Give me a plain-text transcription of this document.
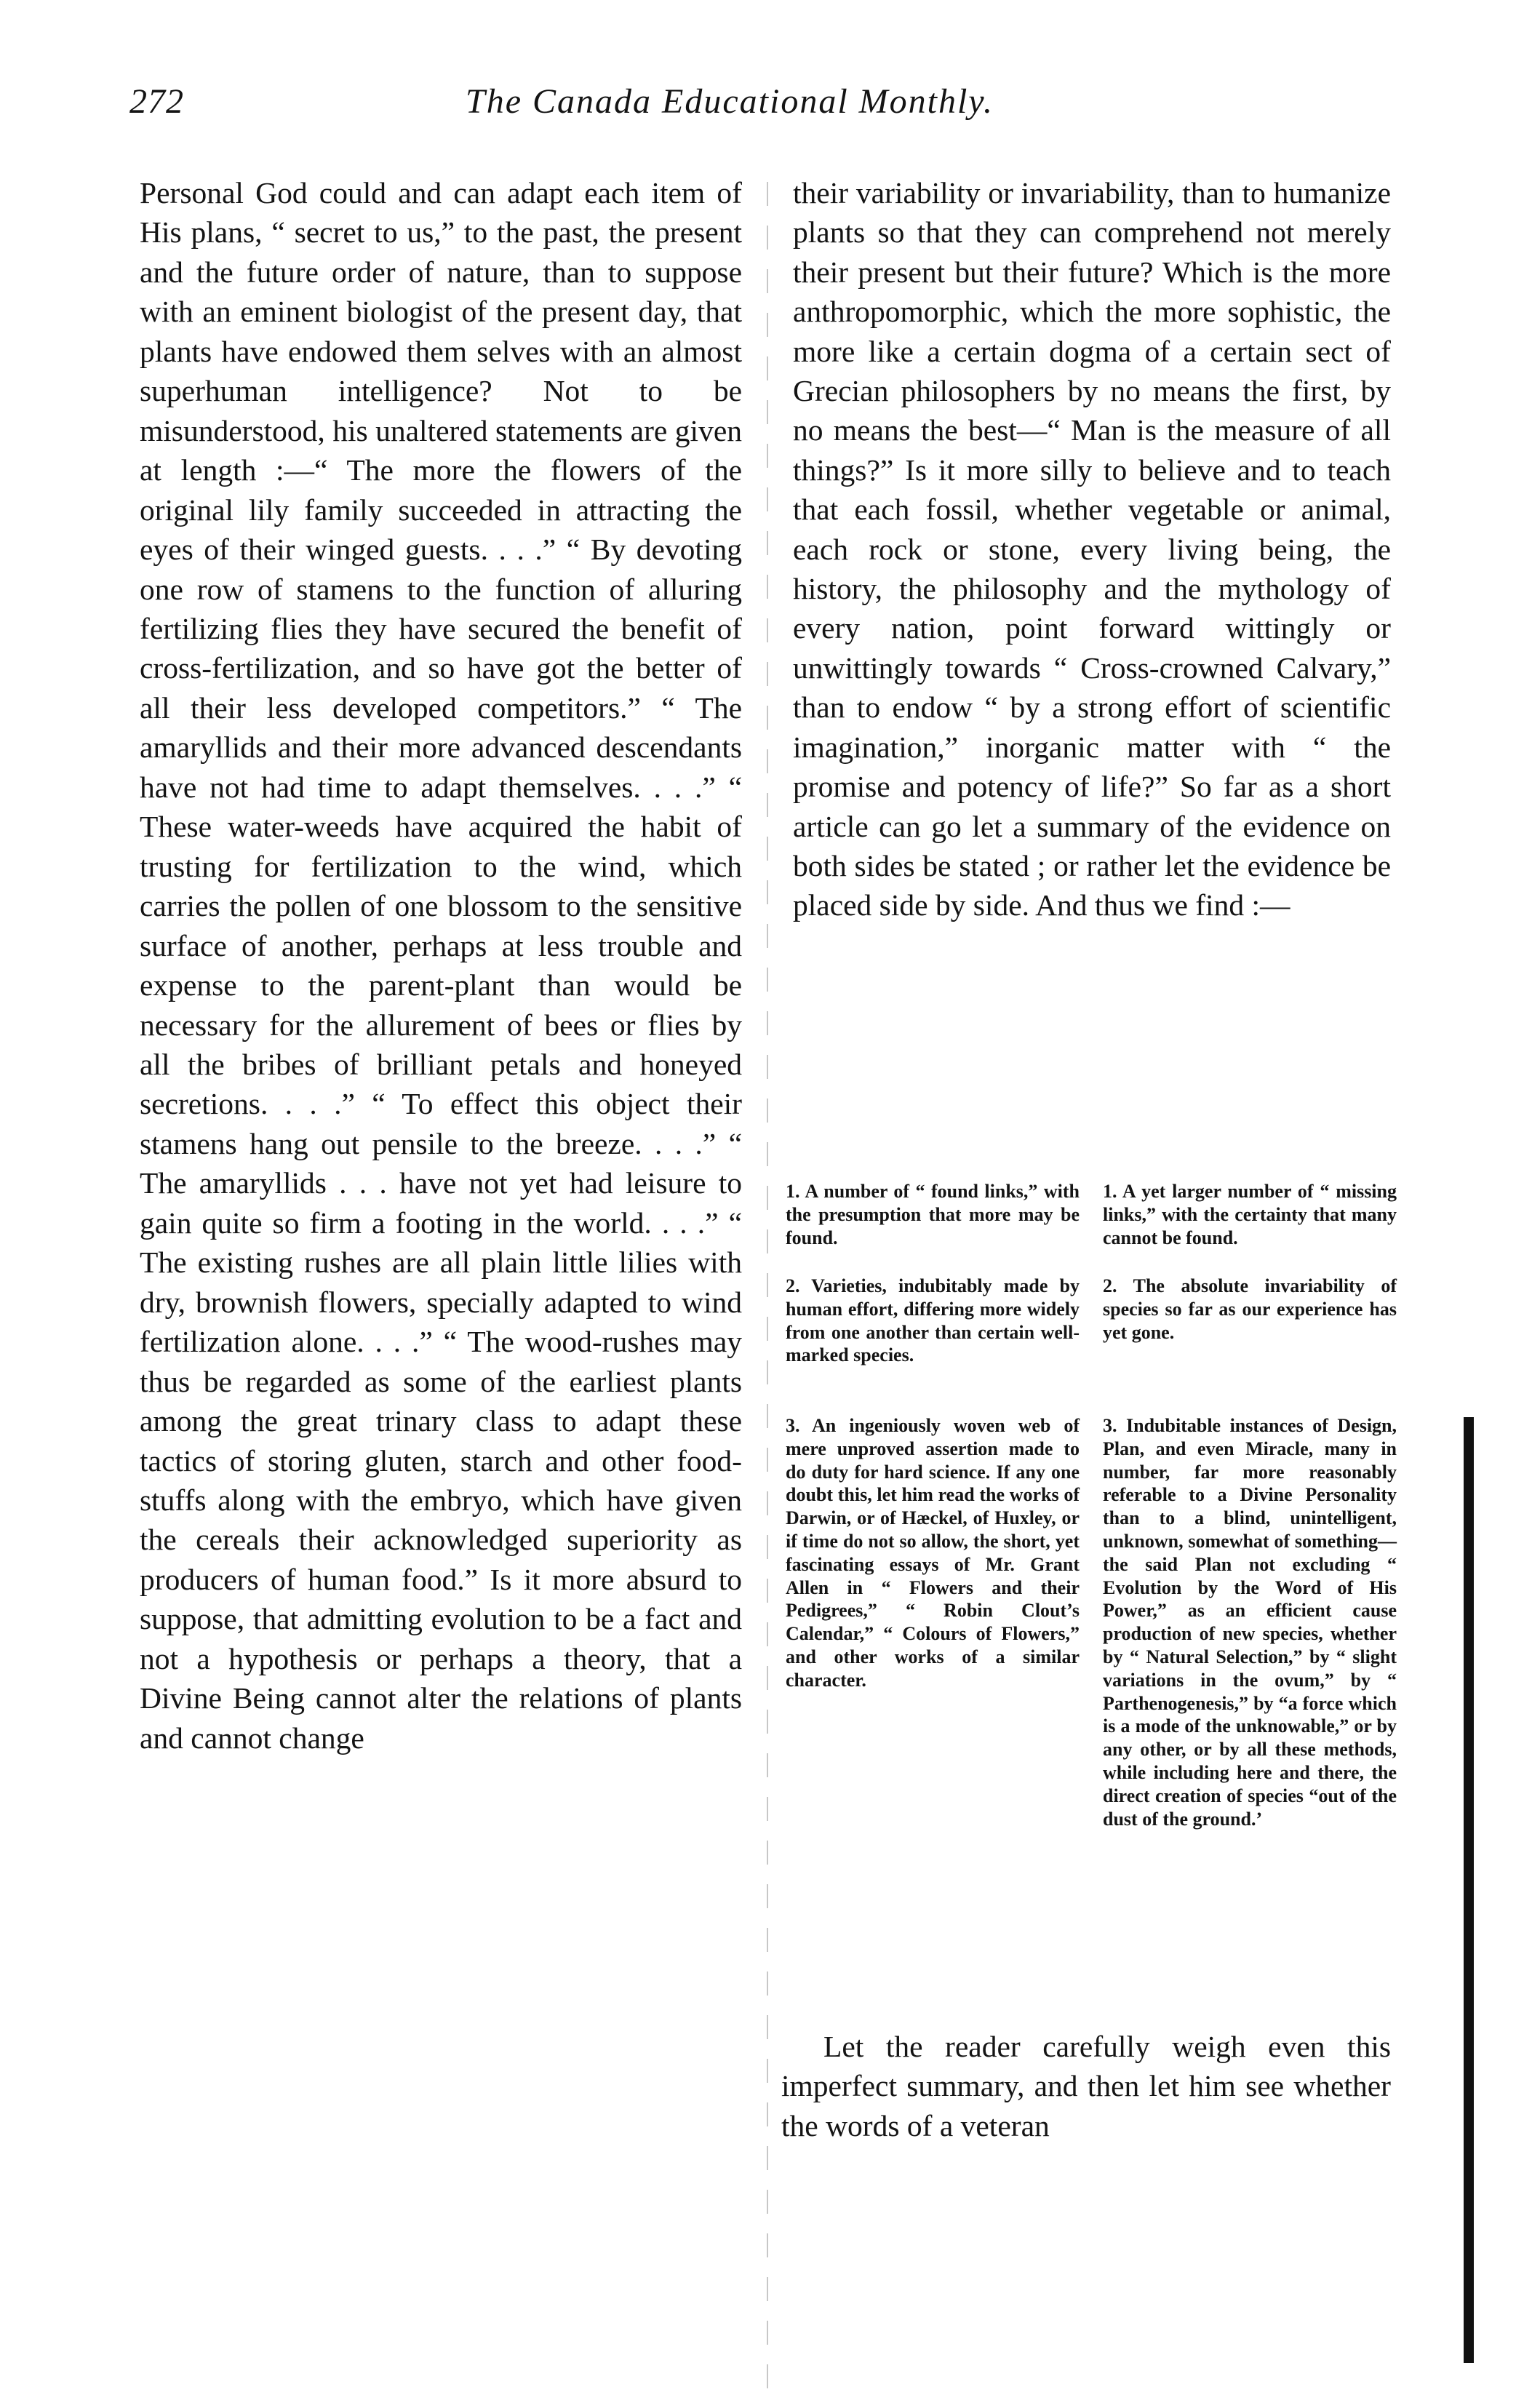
272	The Canada Educational Monthly.

Personal God could and can adapt each item of His plans, “ secret to us,” to the past, the present and the future order of nature, than to suppose with an eminent biologist of the present day, that plants have endowed them selves with an almost superhuman intelligence? Not to be misunderstood, his unaltered statements are given at length :—“ The more the flowers of the original lily family succeeded in attracting the eyes of their winged guests. . . .” “ By devoting one row of stamens to the function of alluring fertilizing flies they have secured the benefit of cross-fertilization, and so have got the better of all their less developed competitors.” “ The amaryllids and their more advanced descendants have not had time to adapt themselves. . . .” “ These water-weeds have acquired the habit of trusting for fertilization to the wind, which carries the pollen of one blossom to the sensitive surface of another, perhaps at less trouble and expense to the parent-plant than would be necessary for the allurement of bees or flies by all the bribes of brilliant petals and honeyed secretions. . . .” “ To effect this object their stamens hang out pensile to the breeze. . . .” “ The amaryllids . . . have not yet had leisure to gain quite so firm a footing in the world. . . .” “ The existing rushes are all plain little lilies with dry, brownish flowers, specially adapted to wind fertilization alone. . . .” “ The wood-rushes may thus be regarded as some of the earliest plants among the great trinary class to adapt these tactics of storing gluten, starch and other food-stuffs along with the embryo, which have given the cereals their acknowledged superiority as producers of human food.” Is it more absurd to suppose, that admitting evolution to be a fact and not a hypothesis or perhaps a theory, that a Divine Being cannot alter the relations of plants and cannot change

their variability or invariability, than to humanize plants so that they can comprehend not merely their present but their future? Which is the more anthropomorphic, which the more sophistic, the more like a certain dogma of a certain sect of Grecian philosophers by no means the first, by no means the best—“ Man is the measure of all things?” Is it more silly to believe and to teach that each fossil, whether vegetable or animal, each rock or stone, every living being, the history, the philosophy and the mythology of every nation, point forward wittingly or unwittingly towards “ Cross-crowned Calvary,” than to endow “ by a strong effort of scientific imagination,” inorganic matter with “ the promise and potency of life?” So far as a short article can go let a summary of the evidence on both sides be stated ; or rather let the evidence be placed side by side. And thus we find :—

1. A number of “ found links,” with the presumption that more may be found.
2. Varieties, indubitably made by human effort, differing more widely from one another than certain well-marked species.
3. An ingeniously woven web of mere unproved assertion made to do duty for hard science. If any one doubt this, let him read the works of Darwin, or of Hæckel, of Huxley, or if time do not so allow, the short, yet fascinating essays of Mr. Grant Allen in “ Flowers and their Pedigrees,” “ Robin Clout’s Calendar,” “ Colours of Flowers,” and other works of a similar character.
1. A yet larger number of “ missing links,” with the certainty that many cannot be found.
2. The absolute invariability of species so far as our experience has yet gone.
3. Indubitable instances of Design, Plan, and even Miracle, many in number, far more reasonably referable to a Divine Personality than to a blind, unintelligent, unknown, somewhat of something—the said Plan not excluding “ Evolution by the Word of His Power,” as an efficient cause production of new species, whether by “ Natural Selection,” by “ slight variations in the ovum,” by “ Parthenogenesis,” by “a force which is a mode of the unknowable,” or by any other, or by all these methods, while including here and there, the direct creation of species “out of the dust of the ground.’

Let the reader carefully weigh even this imperfect summary, and then let him see whether the words of a veteran
